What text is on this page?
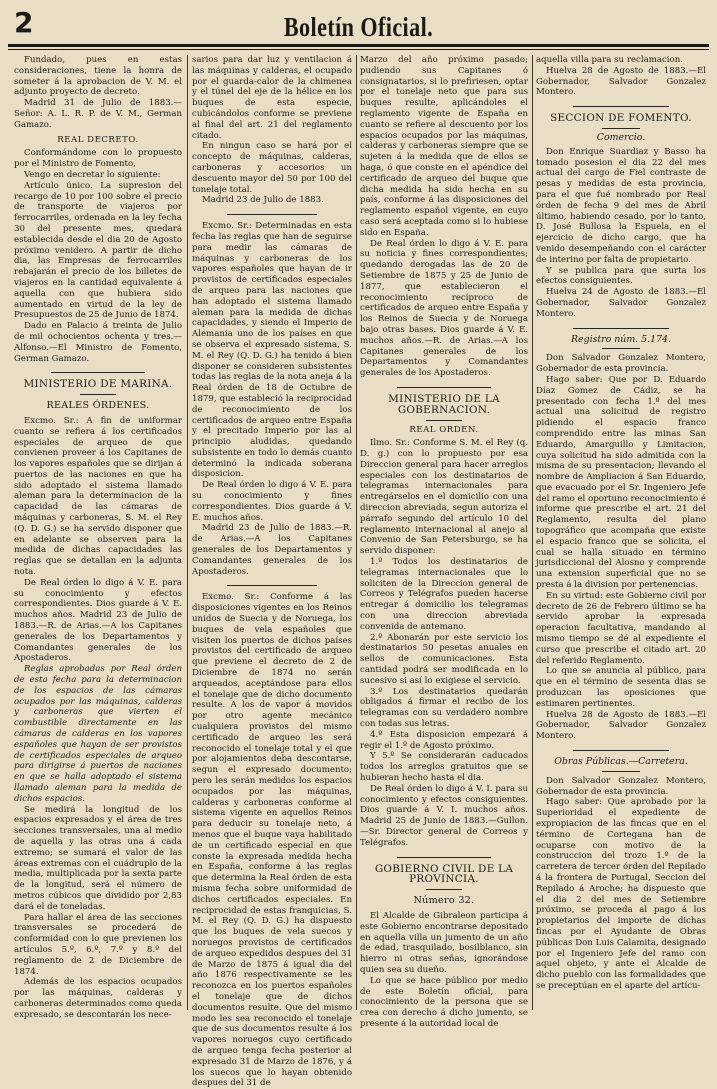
2	Boletín Oficial.

Fundado, pues en estas consideraciones, tiene la honra de someter á la aprobacion de V. M. el adjunto proyecto de decreto.

Madrid 31 de Julio de 1883.—Señor: A. L. R. P. de V. M., German Gamazo.

REAL DECRETO.

Conformándome con lo propuesto por el Ministro de Fomento,

Vengo en decretar lo siguiente:

Artículo único. La supresion del recargo de 10 por 100 sobre el precio de transporte de viajeros por ferrocarriles, ordenada en la ley fecha 30 del presente mes, quedará establecida desde el dia 20 de Agosto próximo venidero. A partir de dicho dia, las Empresas de ferrocarriles rebajarán el precio de los billetes de viajeros en la cantidad equivalente á aquella con que hubiera sido aumentado en virtud de la ley de Presupuestos de 25 de Junio de 1874.

Dado en Palacio á treinta de Julio de mil ochocientos ochenta y tres.—Alfonso.—El Ministro de Fomento, German Gamazo.

MINISTERIO DE MARINA.
REALES ÓRDENES.

Excmo. Sr.: A fin de uniformar cuanto se refiera á los certificados especiales de arqueo de que convienen proveer á los Capitanes de los vapores españoles que se dirijan á puertos de las naciones en que ha sido adoptado el sistema llamado aleman para la determinacion de la capacidad de las cámaras de máquinas y carboneras, S. M. el Rey (Q. D. G.) se ha servido disponer que en adelante se observen para la medida de dichas capacidades las reglas que se detallan en la adjunta nota.

De Real órden lo digo á V. E. para su conocimiento y efectos correspondientes. Dios guarde á V. E. muchos años. Madrid 23 de Julio de 1883.—R. de Arias.—A los Capitanes generales de los Departamentos y Comandantes generales de los Apostaderos.

Reglas aprobadas por Real órden de esta fecha para la determinacion de los espacios de las cámaras ocupados por las máquinas, calderas y carboneras que vierten el combustible directamente en las cámaras de calderas en los vapores españoles que hayan de ser provistos de certificados especiales de arqueo para dirigirse á puertos de naciones en que se halla adoptado el sistema llamado aleman para la medida de dichos espacios.

Se medirá la longitud de los espacios expresados y el área de tres secciones transversales, una al medio de aquella y las otras una á cada extremo; se sumará el valor de las áreas extremas con el cuádruplo de la media, multiplicada por la sexta parte de la longitud, será el número de metros cúbicos que dividido por 2,83 dará el de toneladas.

Para hallar el área de las secciones transversales se procederá de conformidad con lo que previenen los artículos 5.º, 6.º, 7.º y 8.º del reglamento de 2 de Diciembre de 1874.

Además de los espacios ocupados por las máquinas, calderas y carboneras determinados como queda expresado, se descontarán los nece-

sarios para dar luz y ventilacion á las máquinas y calderas, el ocupado por el guarda-calor de la chimenea y el túnel del eje de la hélice en los buques de esta especie, cubicándolos conforme se previene al final del art. 21 del reglamento citado.

En ningun caso se hará por el concepto de máquinas, calderas, carboneras y accesorios un descuento mayor del 50 por 100 del tonelaje total.

Madrid 23 de Julio de 1883.

Excmo. Sr.: Determinadas en esta fecha las reglas que han de seguirse para medir las cámaras de máquinas y carboneras de los vapores españoles que hayan de ir provistos de certificados especiales de arqueo para las naciones que han adoptado el sistema llamado aleman para la medida de dichas capacidades, y siendo el Imperio de Alemania uno de los países en que se observa el expresado sistema, S. M. el Rey (Q. D. G.) ha tenido á bien disponer se consideren subsistentes todas las reglas de la nota aneja á la Real órden de 18 de Octubre de 1879, que estableció la reciprocidad de reconocimiento de los certificados de arqueo entre España y el precitado Imperio por las al principio aludidas, quedando subsistente en todo lo demás cuanto determinó la indicada soberana disposicion.

De Real órden lo digo á V. E. para su conocimiento y fines correspondientes. Dios guarde á V. E. muchos años.

Madrid 23 de Julio de 1883.—R. de Arias.—A los Capitanes generales de los Departamentos y Comandantes generales de los Apostaderos.

Excmo. Sr.: Conforme á las disposiciones vigentes en los Reinos unidos de Suecia y de Noruega, los buques de vela españoles que visiten los puertos de dichos países provistos del certificado de arqueo que previene el decreto de 2 de Diciembre de 1874 no serán arqueados, aceptándose para ellos el tonelaje que de dicho documento resulte. A los de vapor á movidos por otro agente mecánico cualquiera provistos del mismo certificado de arqueo les será reconocido el tonelaje total y el que por alojamientos deba descontarse, segun el expresado documento; pero les serán medidos los espacios ocupados por las máquinas, calderas y carboneras conforme al sistema vigente en aquellos Reinos para deducir su tonelaje neto, á menos que el buque vaya habilitado de un certificado especial en que conste la expresada medida hecha en España, conforme á las reglas que determina la Real órden de esta misma fecha sobre uniformidad de dichos certificados especiales. En reciprocidad de estas franquicias, S. M. el Rey (Q. D. G.) ha dispuesto que los buques de vela suecos y noruegos provistos de certificados de arqueo expedidos despues del 31 de Marzo de 1875 á igual dia del año 1876 respectivamente se les reconozca en los puertos españoles el tonelaje que de dichos documentos resulte. Que del mismo modo les sea reconocido el tonelaje que de sus documentos resulte á los vapores noruegos cuyo certificado de arqueo tenga fecha posterior al expresado 31 de Marzo de 1876, y á los suecos que lo hayan obtenido despues del 31 de

Marzo del año próximo pasado; pudiendo sus Capitanes ó consignatarios, si lo prefiriesen, optar por el tonelaje neto que para sus buques resulte, aplicándoles el reglamento vigente de España en cuanto se refiere al descuento por los espacios ocupados por las máquinas, calderas y carboneras siempre que se sujeten á la medida que de ellos se haga, ó que conste en el apéndice del certificado de arqueo del buque que dicha medida ha sido hecha en su país, conforme á las disposiciones del reglamento español vigente, en cuyo caso será aceptada como si lo hubiese sido en España.

De Real órden lo digo á V. E. para su noticia y fines correspondientes; quedando derogadas las de 20 de Setiembre de 1875 y 25 de Junio de 1877, que establecieron el reconocimiento recíproco de certificados de arqueo entre España y los Reinos de Suecia y de Noruega bajo otras bases. Dios guarde á V. E. muchos años.—R. de Arias.—A los Capitanes generales de los Departamentos y Comandantes generales de los Apostaderos.

MINISTERIO DE LA GOBERNACION.
REAL ORDEN.

Ilmo. Sr.: Conforme S. M. el Rey (q. D. g.) con lo propuesto por esa Direccion general para hacer arreglos especiales con los destinatarios de telegramas internacionales para entregárselos en el domicilio con una direccion abreviada, segun autoriza el párrafo segundo del artículo 10 del reglamento internacional al anejo al Convenio de San Petersburgo, se ha servido disponer:

1.º Todos los destinatarios de telegramas internacionales que lo soliciten de la Direccion general de Correos y Telégrafos pueden hacerse entregar á domicilio los telegramas con una direccion abreviada convenida de antemano.

2.º Abonarán por este servicio los destinatarios 50 pesetas anuales en sellos de comunicaciones. Esta cantidad podrá ser modificada en lo sucesivo si así lo exigiese el servicio.

3.º Los destinatarios quedarán obligados á firmar el recibo de los telegramas con su verdadero nombre con todas sus letras.

4.º Esta disposicion empezará á regir el 1.º de Agosto próximo.

Y 5.º Se considerarán caducados todos los arreglos gratuitos que se hubieran hecho hasta el dia.

De Real órden lo digo á V. I. para su conocimiento y efectos consiguientes. Dios guarde á V. I. muchos años. Madrid 25 de Junio de 1883.—Gullon.—Sr. Director general de Correos y Telégrafos.

GOBIERNO CIVIL DE LA PROVINCIA.
Número 32.

El Alcalde de Gibraleon participa á este Gobierno encontrarse depositado en aquella villa un jumento de un año de edad, trasquilado, bosilblanco, sin hierro ni otras señas, ignorándose quien sea su dueño.

Lo que se hace público por medio de este Boletín oficial, para conocimiento de la persona que se crea con derecho á dicho jumento, se presente á la autoridad local de

aquella villa para su reclamacion.

Huelva 28 de Agosto de 1883.—El Gobernador, Salvador Gonzalez Montero.

SECCION DE FOMENTO.
Comercio.

Don Enrique Suardiaz y Basso ha tomado posesion el dia 22 del mes actual del cargo de Fiel contraste de pesas y medidas de esta provincia, para el que fué nombrado por Real órden de fecha 9 del mes de Abril último, habiendo cesado, por lo tanto, D. José Bullosa la Espuela, en el ejercicio de dicho cargo, que ha venido desempeñando con el carácter de interino por falta de propietario.

Y se publica para que surta los efectos consiguientes.

Huelva 24 de Agosto de 1883.—El Gobernador, Salvador Gonzalez Montero.

Registro núm. 5.174.

Don Salvador Gonzalez Montero, Gobernador de esta provincia.

Hago saber: Que por D. Eduardo Díaz Gomez de Cádiz, se ha presentado con fecha 1.º del mes actual una solicitud de registro pidiendo el espacio franco comprendido entre las minas San Eduardo, Amarguillo y Limitacion, cuya solicitud ha sido admitida con la misma de su presentacion; llevando el nombre de Ampliacion á San Eduardo, que evacuado por el Sr. Ingeniero Jefe del ramo el oportuno reconocimiento é informe que prescribe el art. 21 del Reglamento, resulta del plano topográfico que acompaña que existe el espacio franco que se solicita, el cual se halla situado en término jurisdiccional del Alosno y comprende una extension superficial que no se presta á la division por pertenencias.

En su virtud: este Gobierno civil por decreto de 26 de Febrero último se ha servido aprobar la expresada operacion facultativa, mandando al mismo tiempo se dé al expediente el curso que prescribe el citado art. 20 del referido Reglamento.

Lo que se anuncia al público, para que en el término de sesenta dias se produzcan las oposiciones que estimaren pertinentes.

Huelva 28 de Agosto de 1883.—El Gobernador, Salvador Gonzalez Montero.

Obras Públicas.—Carretera.

Don Salvador Gonzalez Montero, Gobernador de esta provincia.

Hago saber: Que aprobado por la Superioridad el expediente de expropiacion de las fincas que en el término de Cortegana han de ocuparse con motivo de la construccion del trozo 1.º de la carretera de tercer órden del Repilado á la frontera de Portugal, Seccion del Repilado á Aroche; ha dispuesto que el dia 2 del mes de Setiembre próximo, se proceda al pago á los propietarios del importe de dichas fincas por el Ayudante de Obras públicas Don Luis Calamita, designado por el Ingeniero Jefe del ramo con aquel objeto, y ante el Alcalde de dicho pueblo con las formalidades que se preceptúan en el aparte del artícu-
